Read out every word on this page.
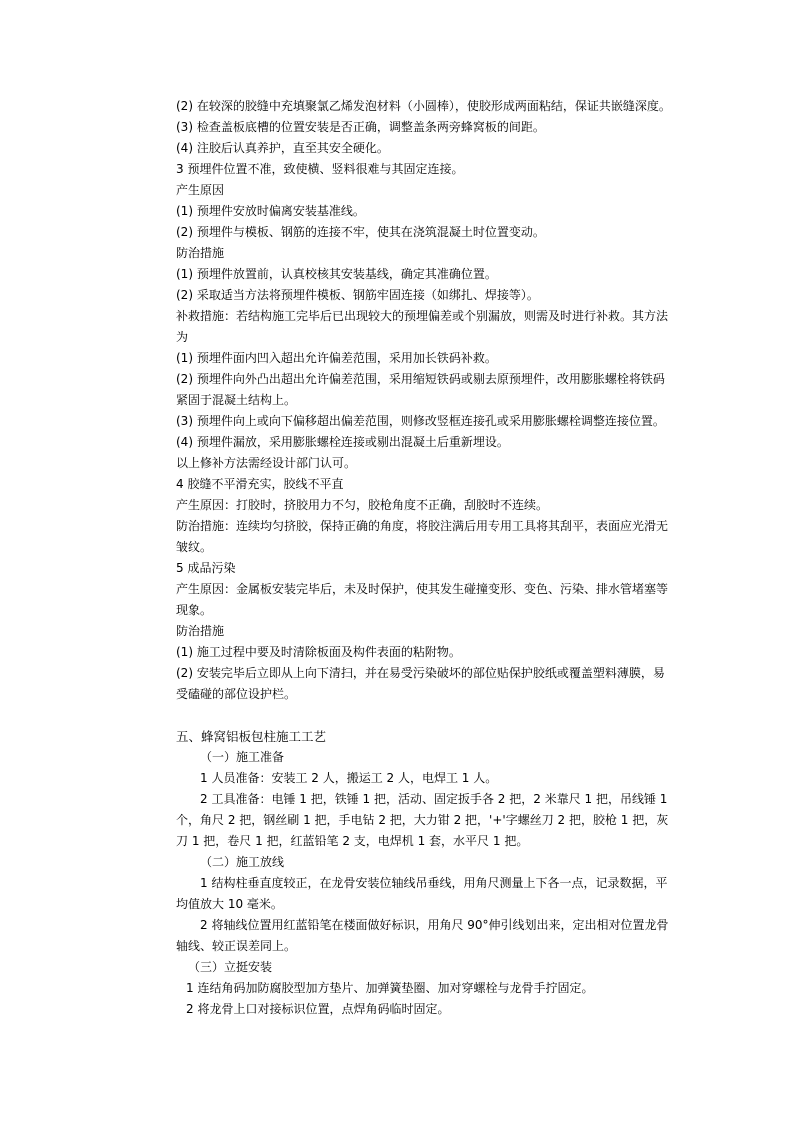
(2) 在较深的胶缝中充填聚氯乙烯发泡材料（小圆棒），使胶形成两面粘结，保证共嵌缝深度。
(3) 检查盖板底槽的位置安装是否正确，调整盖条两旁蜂窝板的间距。
(4) 注胶后认真养护，直至其安全硬化。
3 预埋件位置不准，致使横、竖料很难与其固定连接。
产生原因
(1) 预埋件安放时偏离安装基准线。
(2) 预埋件与模板、钢筋的连接不牢，使其在浇筑混凝土时位置变动。
防治措施
(1) 预埋件放置前，认真校核其安装基线，确定其准确位置。
(2) 采取适当方法将预埋件模板、钢筋牢固连接（如绑扎、焊接等）。
补救措施：若结构施工完毕后已出现较大的预埋偏差或个别漏放，则需及时进行补救。其方法为
(1) 预埋件面内凹入超出允许偏差范围，采用加长铁码补救。
(2) 预埋件向外凸出超出允许偏差范围，采用缩短铁码或剔去原预埋件，改用膨胀螺栓将铁码紧固于混凝土结构上。
(3) 预埋件向上或向下偏移超出偏差范围，则修改竖框连接孔或采用膨胀螺栓调整连接位置。
(4) 预埋件漏放，采用膨胀螺栓连接或剔出混凝土后重新埋设。
以上修补方法需经设计部门认可。
4 胶缝不平滑充实，胶线不平直
产生原因：打胶时，挤胶用力不匀，胶枪角度不正确，刮胶时不连续。
防治措施：连续均匀挤胶，保持正确的角度，将胶注满后用专用工具将其刮平，表面应光滑无皱纹。
5 成品污染
产生原因：金属板安装完毕后，未及时保护，使其发生碰撞变形、变色、污染、排水管堵塞等现象。
防治措施
(1) 施工过程中要及时清除板面及构件表面的粘附物。
(2) 安装完毕后立即从上向下清扫，并在易受污染破坏的部位贴保护胶纸或覆盖塑料薄膜，易受磕碰的部位设护栏。
五、蜂窝铝板包柱施工工艺
（一）施工准备
1 人员准备：安装工 2 人，搬运工 2 人，电焊工 1 人。
2 工具准备：电锤 1 把，铁锤 1 把，活动、固定扳手各 2 把，2 米靠尺 1 把，吊线锤 1 个，角尺 2 把，钢丝刷 1 把，手电钻 2 把，大力钳 2 把，'+'字螺丝刀 2 把，胶枪 1 把，灰刀 1 把，卷尺 1 把，红蓝铅笔 2 支，电焊机 1 套，水平尺 1 把。
（二）施工放线
1 结构柱垂直度较正，在龙骨安装位轴线吊垂线，用角尺测量上下各一点，记录数据，平均值放大 10 毫米。
2 将轴线位置用红蓝铅笔在楼面做好标识，用角尺 90°伸引线划出来，定出相对位置龙骨轴线、较正误差同上。
（三）立挺安装
1 连结角码加防腐胶型加方垫片、加弹簧垫圈、加对穿螺栓与龙骨手拧固定。
2 将龙骨上口对接标识位置，点焊角码临时固定。
